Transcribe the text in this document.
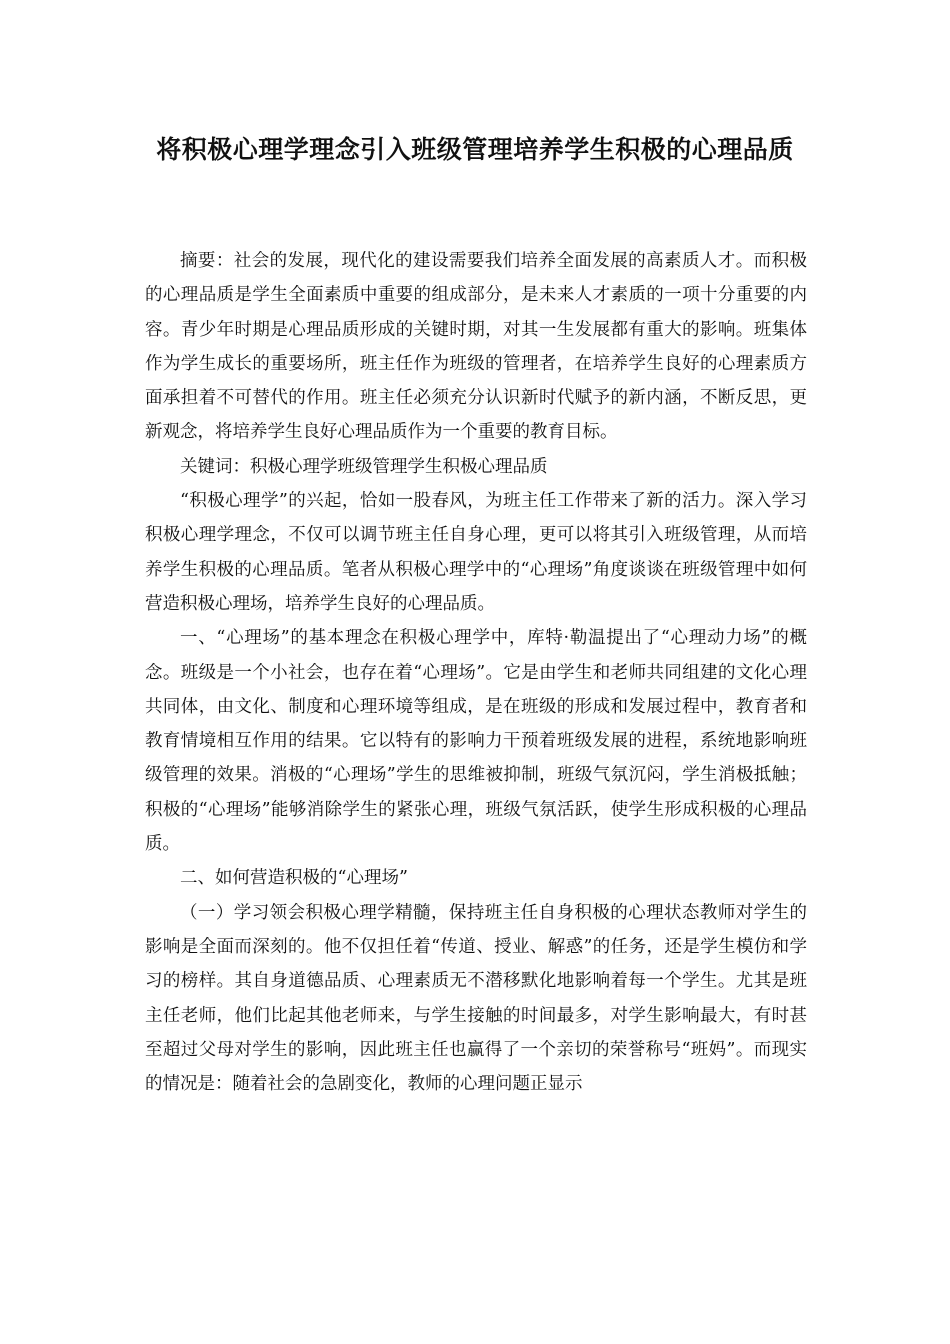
将积极心理学理念引入班级管理培养学生积极的心理品质

摘要：社会的发展，现代化的建设需要我们培养全面发展的高素质人才。而积极的心理品质是学生全面素质中重要的组成部分，是未来人才素质的一项十分重要的内容。青少年时期是心理品质形成的关键时期，对其一生发展都有重大的影响。班集体作为学生成长的重要场所，班主任作为班级的管理者，在培养学生良好的心理素质方面承担着不可替代的作用。班主任必须充分认识新时代赋予的新内涵，不断反思，更新观念，将培养学生良好心理品质作为一个重要的教育目标。

关键词：积极心理学班级管理学生积极心理品质

“积极心理学”的兴起，恰如一股春风，为班主任工作带来了新的活力。深入学习积极心理学理念，不仅可以调节班主任自身心理，更可以将其引入班级管理，从而培养学生积极的心理品质。笔者从积极心理学中的“心理场”角度谈谈在班级管理中如何营造积极心理场，培养学生良好的心理品质。

一、“心理场”的基本理念在积极心理学中，库特·勒温提出了“心理动力场”的概念。班级是一个小社会，也存在着“心理场”。它是由学生和老师共同组建的文化心理共同体，由文化、制度和心理环境等组成，是在班级的形成和发展过程中，教育者和教育情境相互作用的结果。它以特有的影响力干预着班级发展的进程，系统地影响班级管理的效果。消极的“心理场”学生的思维被抑制，班级气氛沉闷，学生消极抵触；积极的“心理场”能够消除学生的紧张心理，班级气氛活跃，使学生形成积极的心理品质。

二、如何营造积极的“心理场”

（一）学习领会积极心理学精髓，保持班主任自身积极的心理状态教师对学生的影响是全面而深刻的。他不仅担任着“传道、授业、解惑”的任务，还是学生模仿和学习的榜样。其自身道德品质、心理素质无不潜移默化地影响着每一个学生。尤其是班主任老师，他们比起其他老师来，与学生接触的时间最多，对学生影响最大，有时甚至超过父母对学生的影响，因此班主任也赢得了一个亲切的荣誉称号“班妈”。而现实的情况是：随着社会的急剧变化，教师的心理问题正显示
